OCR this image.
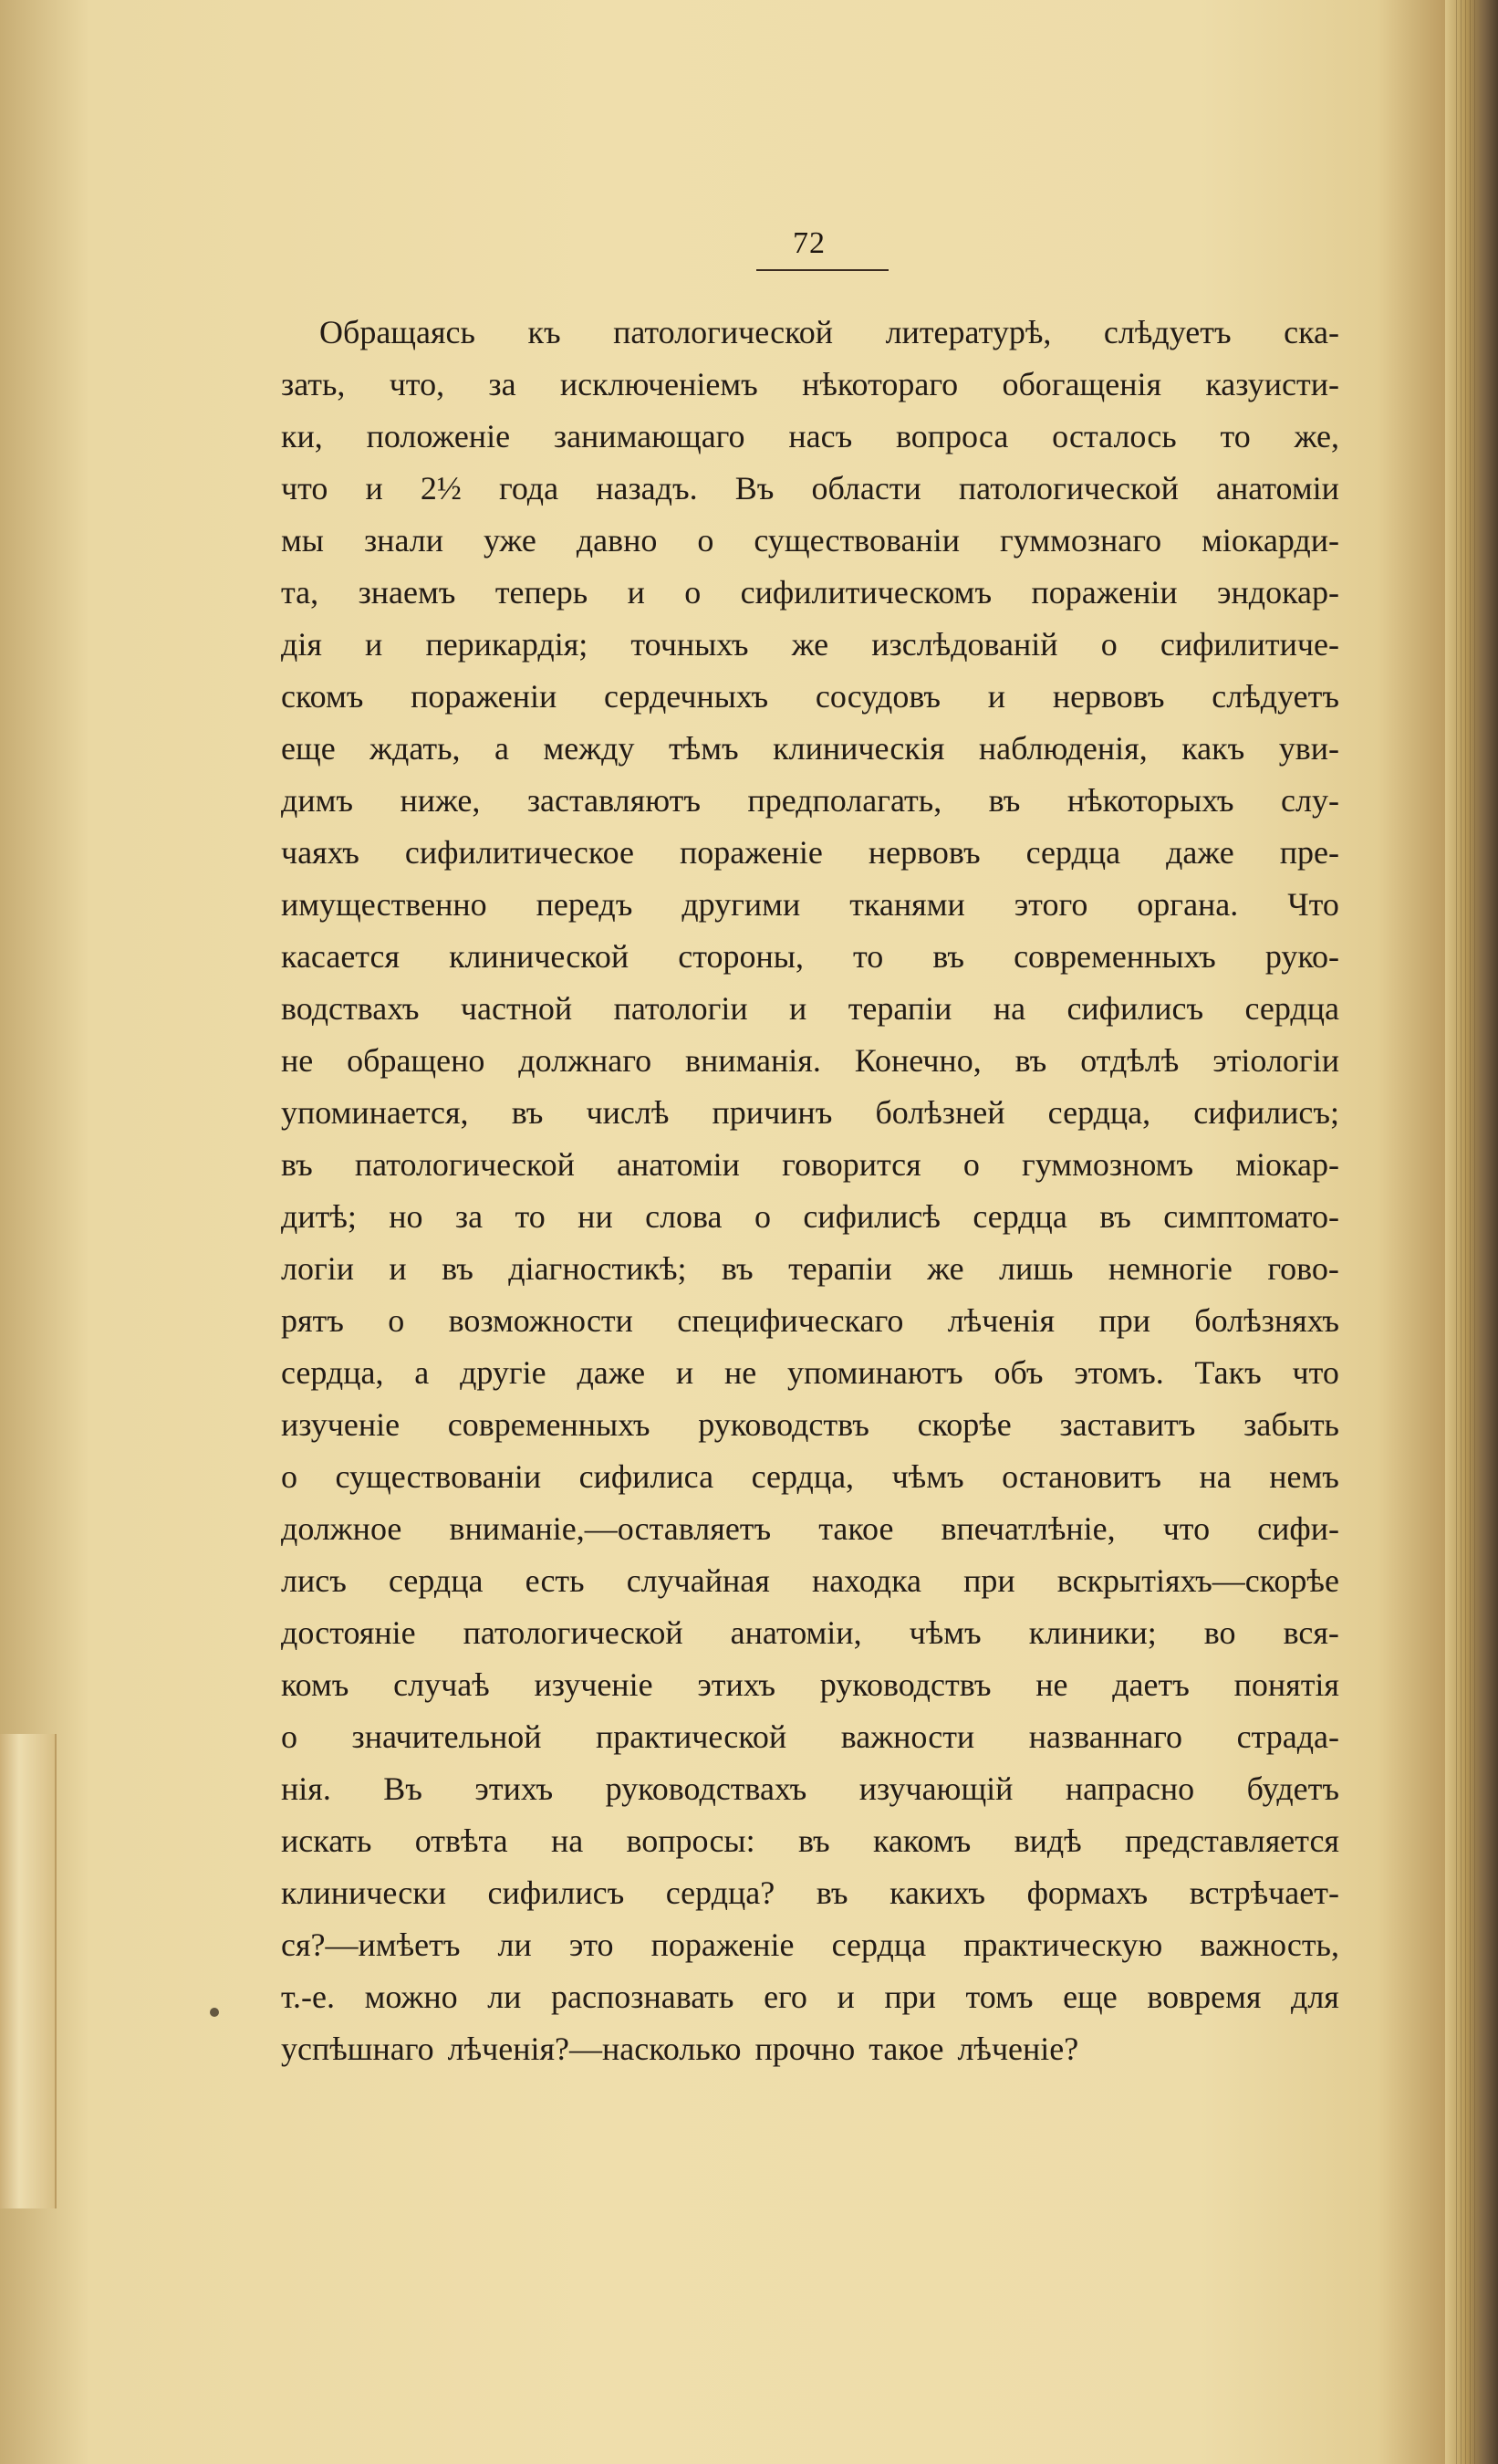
72
Обращаясь къ патологической литературѣ, слѣдуетъ ска-
зать, что, за исключеніемъ нѣкотораго обогащенія казуисти-
ки, положеніе занимающаго насъ вопроса осталось то же,
что и 2½ года назадъ. Въ области патологической анатоміи
мы знали уже давно о существованіи гуммознаго міокарди-
та, знаемъ теперь и о сифилитическомъ пораженіи эндокар-
дія и перикардія; точныхъ же изслѣдованій о сифилитиче-
скомъ пораженіи сердечныхъ сосудовъ и нервовъ слѣдуетъ
еще ждать, а между тѣмъ клиническія наблюденія, какъ уви-
димъ ниже, заставляютъ предполагать, въ нѣкоторыхъ слу-
чаяхъ сифилитическое пораженіе нервовъ сердца даже пре-
имущественно передъ другими тканями этого органа. Что
касается клинической стороны, то въ современныхъ руко-
водствахъ частной патологіи и терапіи на сифилисъ сердца
не обращено должнаго вниманія. Конечно, въ отдѣлѣ этіологіи
упоминается, въ числѣ причинъ болѣзней сердца, сифилисъ;
въ патологической анатоміи говорится о гуммозномъ міокар-
дитѣ; но за то ни слова о сифилисѣ сердца въ симптомато-
логіи и въ діагностикѣ; въ терапіи же лишь немногіе гово-
рятъ о возможности специфическаго лѣченія при болѣзняхъ
сердца, а другіе даже и не упоминаютъ объ этомъ. Такъ что
изученіе современныхъ руководствъ скорѣе заставитъ забыть
о существованіи сифилиса сердца, чѣмъ остановитъ на немъ
должное вниманіе,—оставляетъ такое впечатлѣніе, что сифи-
лисъ сердца есть случайная находка при вскрытіяхъ—скорѣе
достояніе патологической анатоміи, чѣмъ клиники; во вся-
комъ случаѣ изученіе этихъ руководствъ не даетъ понятія
о значительной практической важности названнаго страда-
нія. Въ этихъ руководствахъ изучающій напрасно будетъ
искать отвѣта на вопросы: въ какомъ видѣ представляется
клинически сифилисъ сердца? въ какихъ формахъ встрѣчает-
ся?—имѣетъ ли это пораженіе сердца практическую важность,
т.-е. можно ли распознавать его и при томъ еще вовремя для
успѣшнаго лѣченія?—насколько прочно такое лѣченіе?
